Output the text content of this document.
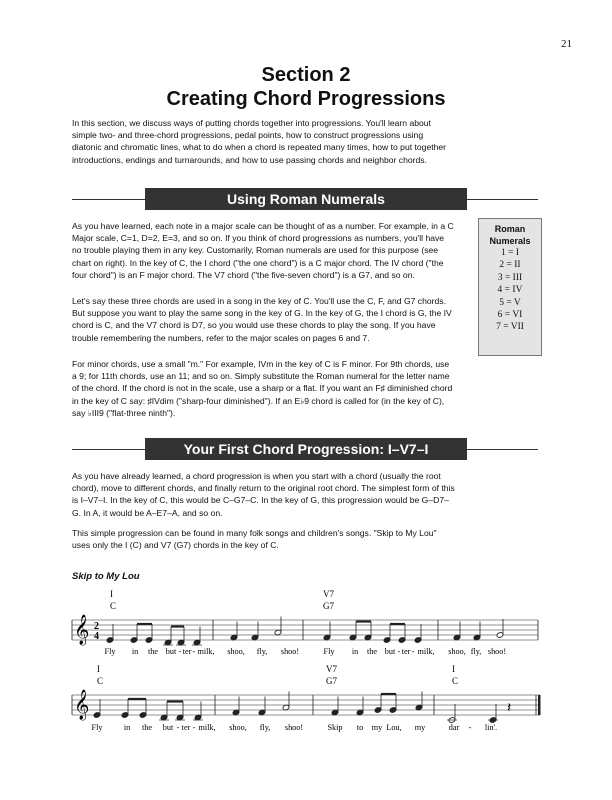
21
Section 2
Creating Chord Progressions

In this section, we discuss ways of putting chords together into progressions. You'll learn about simple two- and three-chord progressions, pedal points, how to construct progressions using diatonic and chromatic lines, what to do when a chord is repeated many times, how to put together introductions, endings and turnarounds, and how to use passing chords and neighbor chords.

Using Roman Numerals

As you have learned, each note in a major scale can be thought of as a number. For example, in a C Major scale, C=1, D=2, E=3, and so on. If you think of chord progressions as numbers, you'll have no trouble playing them in any key. Customarily, Roman numerals are used for this purpose (see chart on right). In the key of C, the I chord ("the one chord") is a C major chord. The IV chord ("the four chord") is an F major chord. The V7 chord ("the five-seven chord") is a G7, and so on.

Let's say these three chords are used in a song in the key of C. You'll use the C, F, and G7 chords. But suppose you want to play the same song in the key of G. In the key of G, the I chord is G, the IV chord is C, and the V7 chord is D7, so you would use these chords to play the song. If you have trouble remembering the numbers, refer to the major scales on pages 6 and 7.

For minor chords, use a small "m." For example, IVm in the key of C is F minor. For 9th chords, use a 9; for 11th chords, use an 11; and so on. Simply substitute the Roman numeral for the letter name of the chord. If the chord is not in the scale, use a sharp or a flat. If you want an F♯ diminished chord in the key of C say: ♯IVdim ("sharp-four diminished"). If an E♭9 chord is called for (in the key of C), say ♭III9 ("flat-three ninth").

Roman
Numerals
1 = I
2 = II
3 = III
4 = IV
5 = V
6 = VI
7 = VII
Your First Chord Progression: I–V7–I

As you have already learned, a chord progression is when you start with a chord (usually the root chord), move to different chords, and finally return to the original root chord. The simplest form of this is I–V7–I. In the key of C, this would be C–G7–C. In the key of G, this progression would be G–D7–G. In A, it would be A–E7–A, and so on.

This simple progression can be found in many folk songs and children's songs. "Skip to My Lou" uses only the I (C) and V7 (G7) chords in the key of C.

Skip to My Lou
I
C
V7
G7
𝄞 2
4
𝄞	𝄽
I
C
V7
G7
I
C
Fly in the but - ter - milk, shoo, fly, shoo!	Fly in the but - ter - milk, shoo, fly, shoo!
Fly	in the but - ter - milk, shoo, fly, shoo!	Skip to my Lou, my	dar - lin'.
